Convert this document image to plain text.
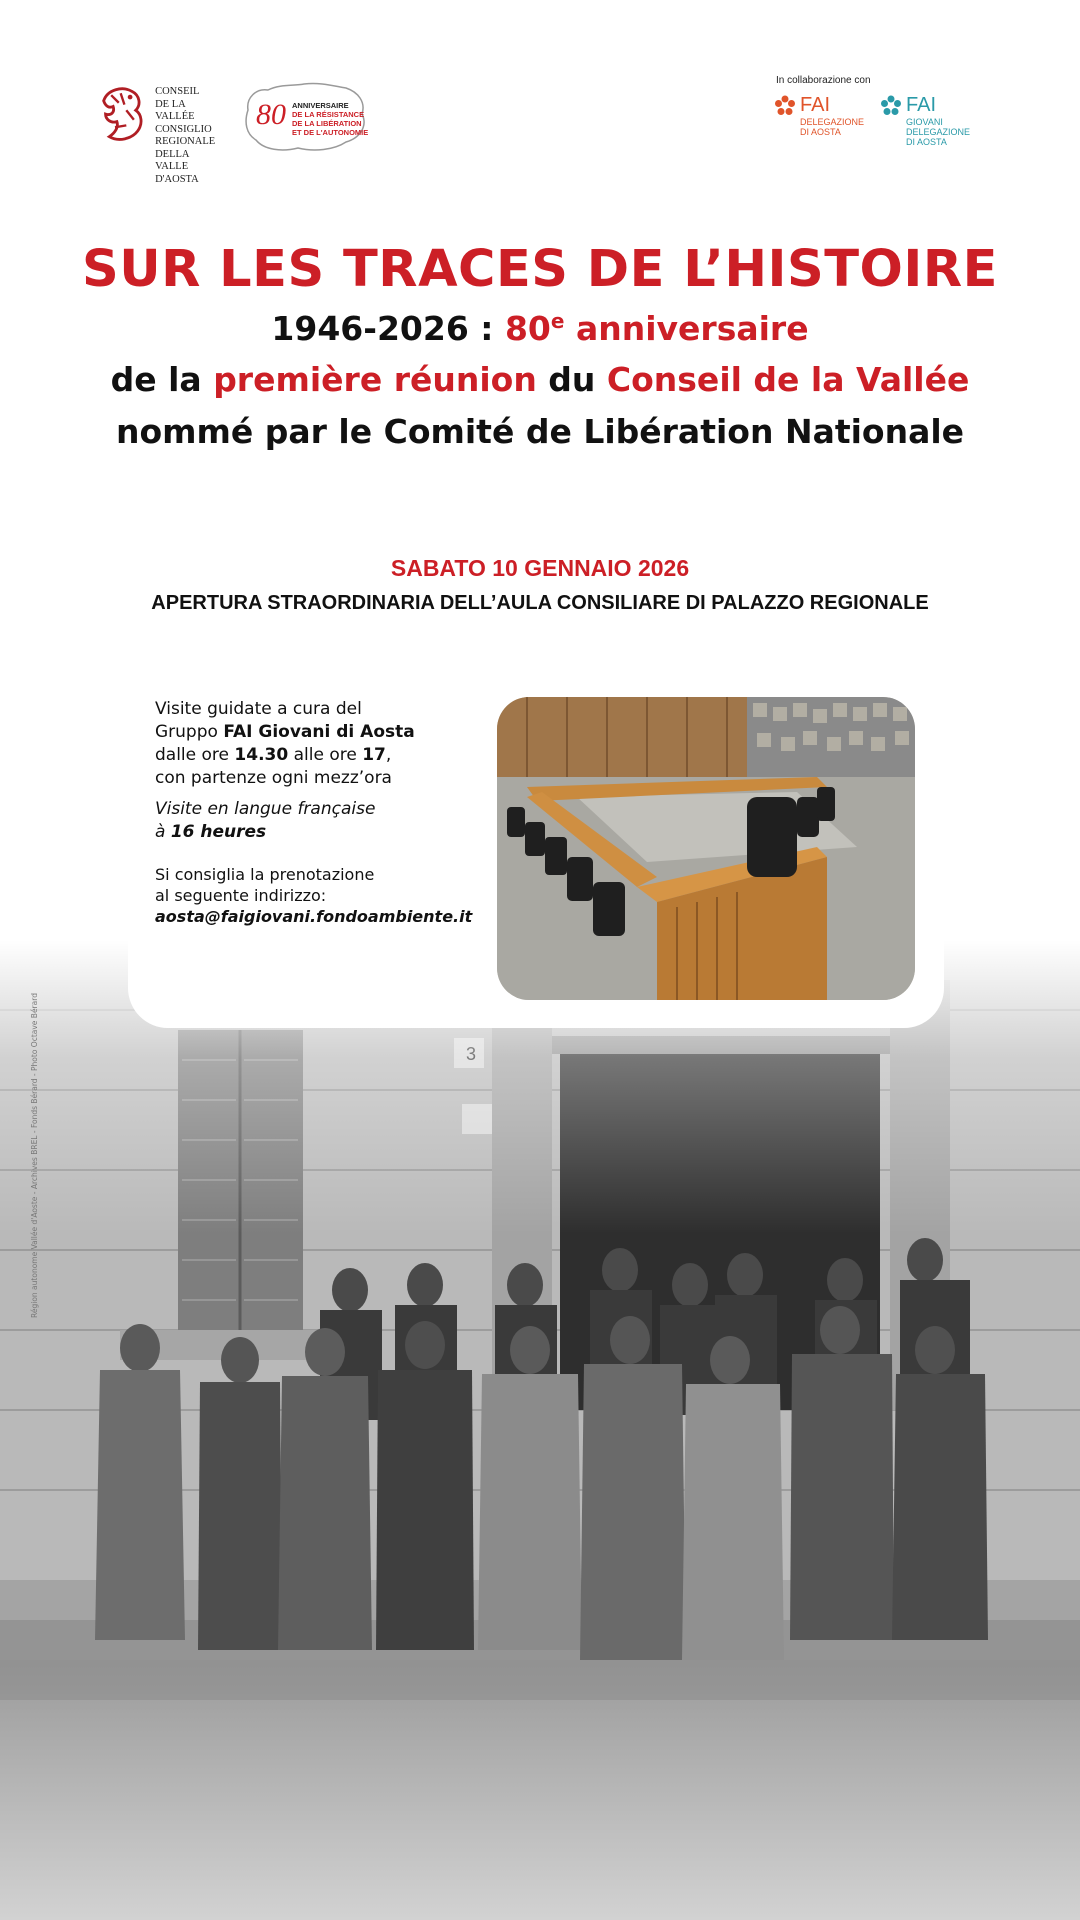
CONSEIL
DE LA VALLÉE
CONSIGLIO
REGIONALE
DELLA VALLE
D'AOSTA
80 ANNIVERSAIRE
DE LA RÉSISTANCE
DE LA LIBÉRATION
ET DE L'AUTONOMIE
In collaborazione con
FAI
DELEGAZIONE
DI AOSTA
FAI
GIOVANI
DELEGAZIONE
DI AOSTA
SUR LES TRACES DE L’HISTOIRE
1946-2026 : 80e anniversaire
de la première réunion du Conseil de la Vallée
nommé par le Comité de Libération Nationale
SABATO 10 GENNAIO 2026
APERTURA STRAORDINARIA DELL’AULA CONSILIARE DI PALAZZO REGIONALE

Visite guidate a cura del

Gruppo FAI Giovani di Aosta

dalle ore 14.30 alle ore 17,

con partenze ogni mezz’ora

Visite en langue française

à 16 heures

Si consiglia la prenotazione

al seguente indirizzo:

aosta@faigiovani.fondoambiente.it

Région autonome Vallée d'Aoste - Archives BREL - Fonds Bérard - Photo Octave Bérard
